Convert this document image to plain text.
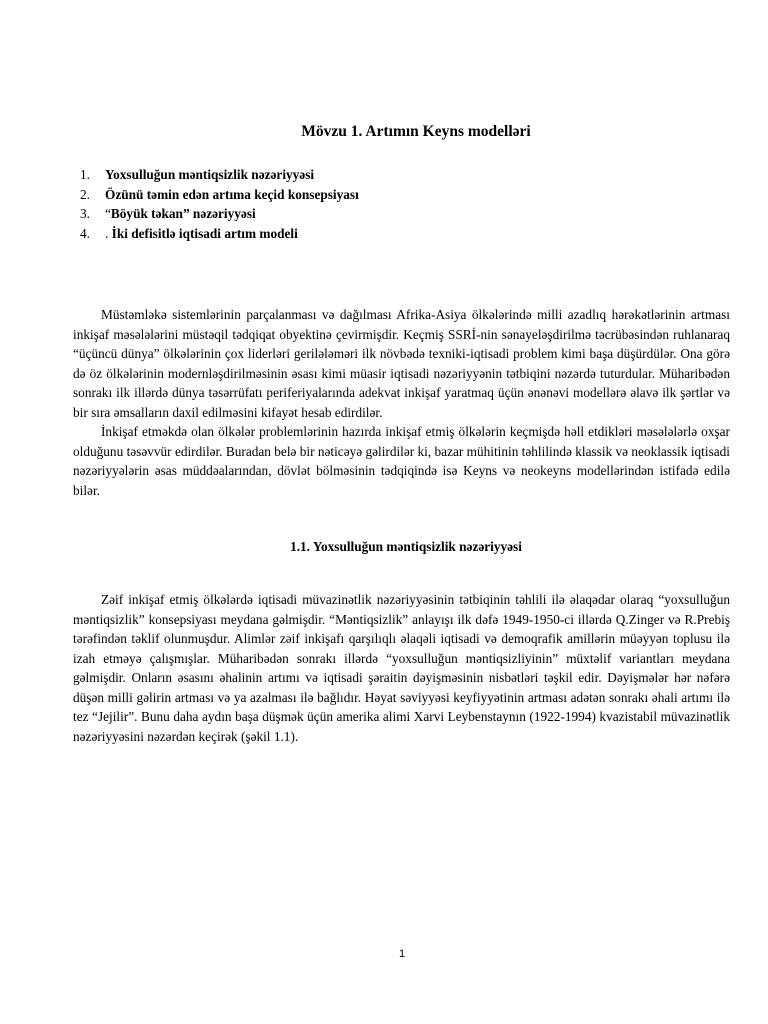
Mövzu 1. Artımın Keyns modelləri
1. Yoxsulluğun məntiqsizlik nəzəriyyəsi
2. Özünü təmin edən artıma keçid konsepsiyası
3. “Böyük təkan” nəzəriyyəsi
4. . İki defisitlə iqtisadi artım modeli

Müstəmləkə sistemlərinin parçalanması və dağılması Afrika-Asiya ölkələrində milli azadlıq hərəkətlərinin artması inkişaf məsələlərini müstəqil tədqiqat obyektinə çevirmişdir. Keçmiş SSRİ-nin sənayeləşdirilmə təcrübəsindən ruhlanaraq “üçüncü dünya” ölkələrinin çox liderləri gerilələməri ilk növbədə texniki-iqtisadi problem kimi başa düşürdülər. Ona görə də öz ölkələrinin modernləşdirilməsinin əsası kimi müasir iqtisadi nəzəriyyənin tətbiqini nəzərdə tuturdular. Müharibədən sonrakı ilk illərdə dünya təsərrüfatı periferiyalarında adekvat inkişaf yaratmaq üçün ənənəvi modellərə əlavə ilk şərtlər və bir sıra əmsalların daxil edilməsini kifayət hesab edirdilər.

İnkişaf etməkdə olan ölkələr problemlərinin hazırda inkişaf etmiş ölkələrin keçmişdə həll etdikləri məsələlərlə oxşar olduğunu təsəvvür edirdilər. Buradan belə bir nəticəyə gəlirdilər ki, bazar mühitinin təhlilində klassik və neoklassik iqtisadi nəzəriyyələrin əsas müddəalarından, dövlət bölməsinin tədqiqində isə Keyns və neokeyns modellərindən istifadə edilə bilər.

1.1. Yoxsulluğun məntiqsizlik nəzəriyyəsi

Zəif inkişaf etmiş ölkələrdə iqtisadi müvazinətlik nəzəriyyəsinin tətbiqinin təhlili ilə əlaqədar olaraq “yoxsulluğun məntiqsizlik” konsepsiyası meydana gəlmişdir. “Məntiqsizlik” anlayışı ilk dəfə 1949-1950-ci illərdə Q.Zinger və R.Prebiş tərəfindən təklif olunmuşdur. Alimlər zəif inkişafı qarşılıqlı əlaqəli iqtisadi və demoqrafik amillərin müəyyən toplusu ilə izah etməyə çalışmışlar. Müharibədən sonrakı illərdə “yoxsulluğun məntiqsizliyinin” müxtəlif variantları meydana gəlmişdir. Onların əsasını əhalinin artımı və iqtisadi şəraitin dəyişməsinin nisbətləri təşkil edir. Dəyişmələr hər nəfərə düşən milli gəlirin artması və ya azalması ilə bağlıdır. Həyat səviyyəsi keyfiyyətinin artması adətən sonrakı əhali artımı ilə tez “Jejilir”. Bunu daha aydın başa düşmək üçün amerika alimi Xarvi Leybenstaynın (1922-1994) kvazistabil müvazinətlik nəzəriyyəsini nəzərdən keçirək (şəkil 1.1).

1
